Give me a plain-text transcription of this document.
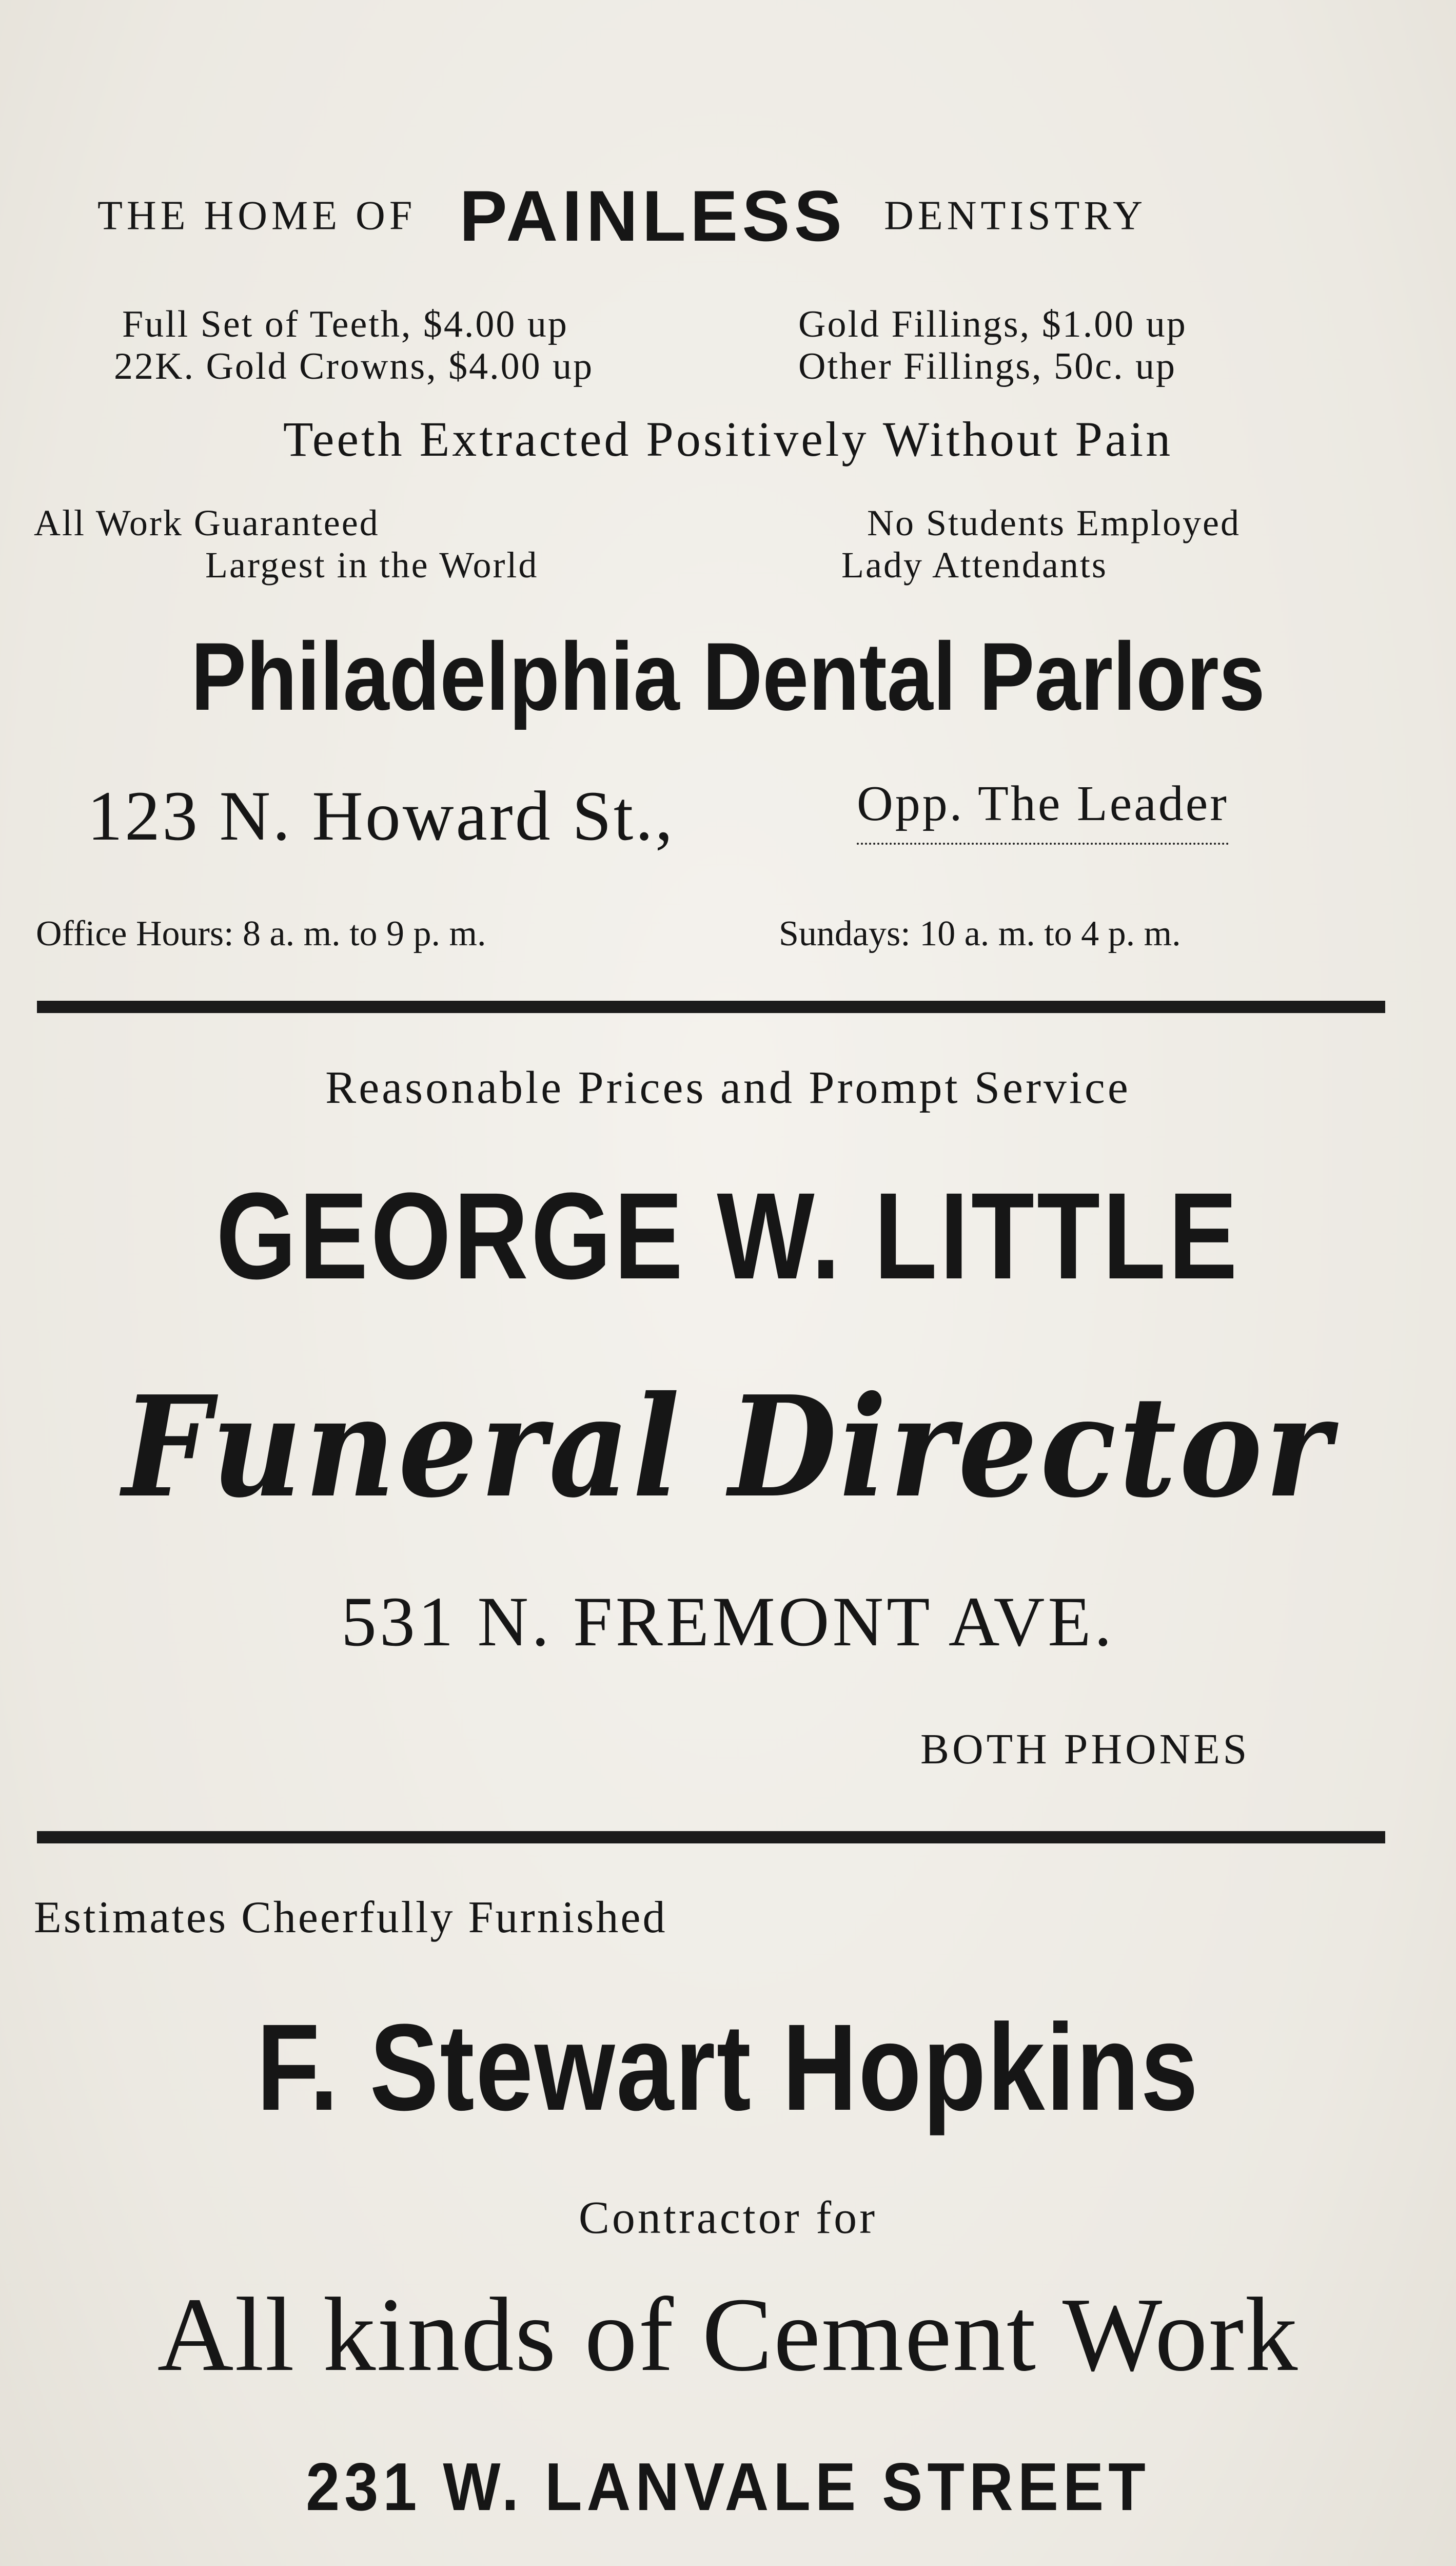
THE HOME OF PAINLESS DENTISTRY
Full Set of Teeth, $4.00 up
22K. Gold Crowns, $4.00 up
Gold Fillings, $1.00 up
Other Fillings, 50c. up
Teeth Extracted Positively Without Pain
All Work Guaranteed
Largest in the World
No Students Employed
Lady Attendants
Philadelphia Dental Parlors
123 N. Howard St.,	Opp. The Leader
Office Hours: 8 a. m. to 9 p. m.	Sundays: 10 a. m. to 4 p. m.
Reasonable Prices and Prompt Service
GEORGE W. LITTLE
Funeral Director
531 N. FREMONT AVE.
BOTH PHONES
Estimates Cheerfully Furnished
F. Stewart Hopkins
Contractor for
All kinds of Cement Work
231 W. LANVALE STREET
